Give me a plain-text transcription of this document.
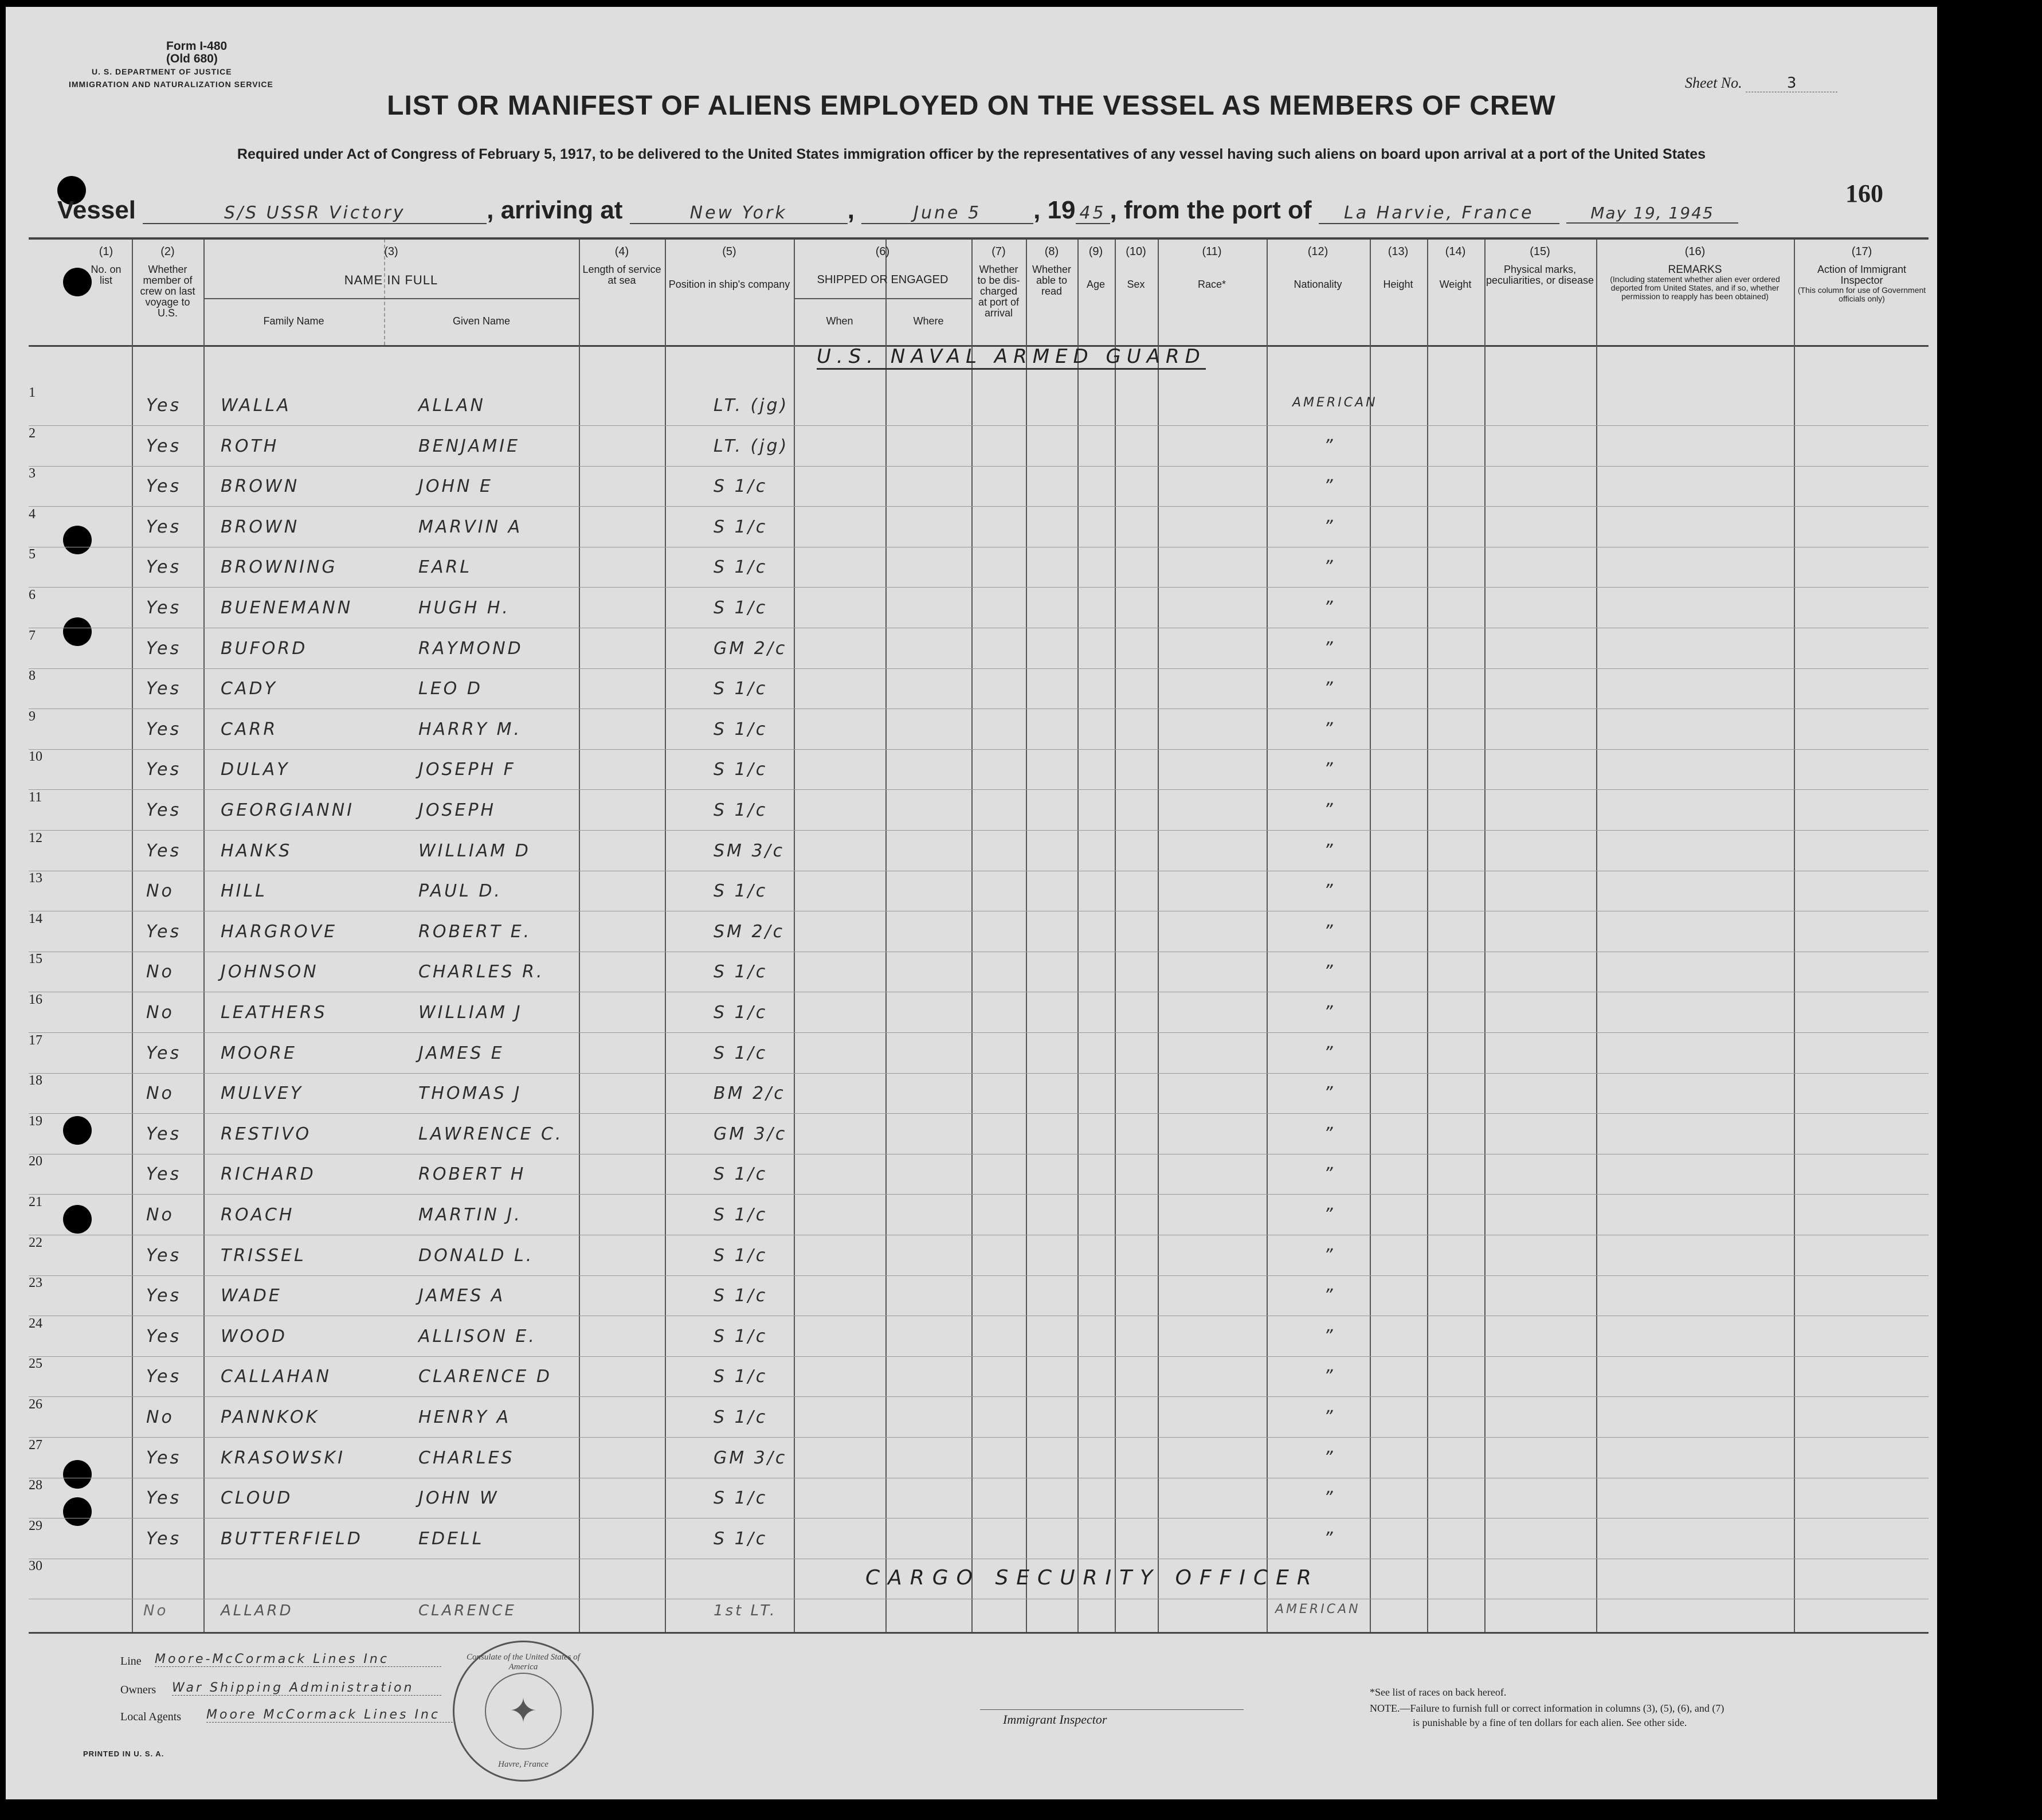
Form I-480
(Old 680)
U. S. DEPARTMENT OF JUSTICE
IMMIGRATION AND NATURALIZATION SERVICE	Sheet No.	3
LIST OR MANIFEST OF ALIENS EMPLOYED ON THE VESSEL AS MEMBERS OF CREW
Required under Act of Congress of February 5, 1917, to be delivered to the United States immigration officer by the representatives of any vessel having such aliens on board upon arrival at a port of the United States
Vessel	S/S USSR Victory	, arriving at	New York ,	June 5 , 19 45 , from the port of La Harvie, France	May 19, 1945
160
(1)
No. on list
(2)
Whether member of crew on last voyage to U.S.
(3)
NAME IN FULL
Family Name	Given Name
(4)
Length of service at sea
(5)
Position in ship's company
(6)
SHIPPED OR ENGAGED
When	Where
(7)
Whether to be dis-charged at port of arrival
(8)
Whether able to read
(9)
Age
(10)
Sex
(11)
Race*
(12)
Nationality
(13)
Height
(14)
Weight
(15)
Physical marks, peculiarities, or disease
(16)
REMARKS

(Including statement whether alien ever ordered deported from United States, and if so, whether permission to reapply has been obtained)
(17)
Action of Immigrant Inspector

(This column for use of Government officials only)
U.S. NAVAL ARMED GUARD
1
Yes WALLA	ALLAN	LT. (jg)	AMERICAN
2
Yes ROTH	BENJAMIE	LT. (jg)	”
3
Yes BROWN	JOHN E	S 1/c	”
4
Yes BROWN	MARVIN A	S 1/c	”
5
Yes BROWNING	EARL	S 1/c	”
6
Yes BUENEMANN	HUGH H.	S 1/c	”
7
Yes BUFORD	RAYMOND	GM 2/c	”
8
Yes CADY	LEO D	S 1/c	”
9
Yes CARR	HARRY M.	S 1/c	”
10
Yes DULAY	JOSEPH F	S 1/c	”
11
Yes GEORGIANNI	JOSEPH	S 1/c	”
12
Yes HANKS	WILLIAM D	SM 3/c	”
13
No	HILL	PAUL D.	S 1/c	”
14
Yes HARGROVE	ROBERT E.	SM 2/c	”
15
No	JOHNSON	CHARLES R.	S 1/c	”
16
No	LEATHERS	WILLIAM J	S 1/c	”
17
Yes MOORE	JAMES E	S 1/c	”
18
No	MULVEY	THOMAS J	BM 2/c	”
19
Yes RESTIVO	LAWRENCE C.	GM 3/c	”
20
Yes RICHARD	ROBERT H	S 1/c	”
21
No	ROACH	MARTIN J.	S 1/c	”
22
Yes TRISSEL	DONALD L.	S 1/c	”
23
Yes WADE	JAMES A	S 1/c	”
24
Yes WOOD	ALLISON E.	S 1/c	”
25
Yes CALLAHAN	CLARENCE D	S 1/c	”
26
No	PANNKOK	HENRY A	S 1/c	”
27
Yes KRASOWSKI	CHARLES	GM 3/c	”
28
Yes CLOUD	JOHN W	S 1/c	”
29
Yes BUTTERFIELD	EDELL	S 1/c	”
30	CARGO SECURITY OFFICER
No	ALLARD	CLARENCE	1st LT.	AMERICAN
Line Moore-McCormack Lines Inc
Owners War Shipping Administration
Local Agents Moore McCormack Lines Inc
Consulate of the United States of America
✦
Havre, France
Immigrant Inspector
*See list of races on back hereof.
NOTE.—Failure to furnish full or correct information in columns (3), (5), (6), and (7)
is punishable by a fine of ten dollars for each alien. See other side.
PRINTED IN U. S. A.
